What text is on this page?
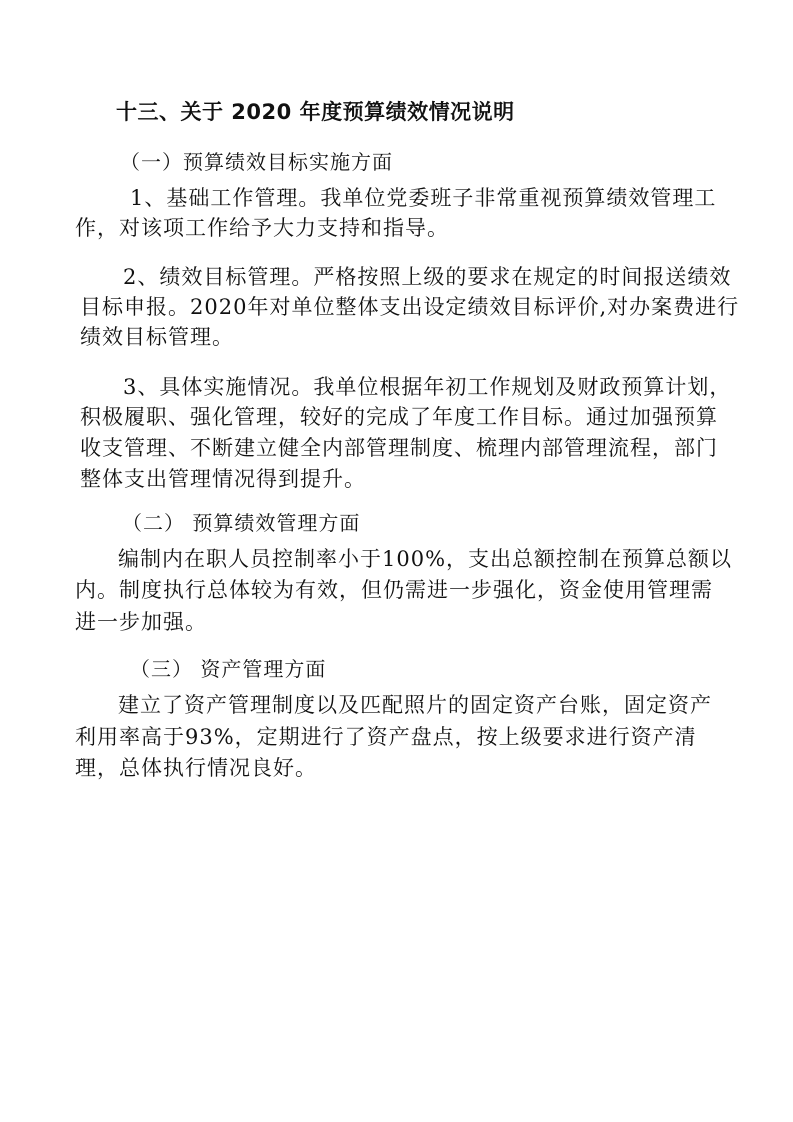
十三、关于 2020 年度预算绩效情况说明

（一）预算绩效目标实施方面

1、基础工作管理。我单位党委班子非常重视预算绩效管理工

作，对该项工作给予大力支持和指导。

2、绩效目标管理。严格按照上级的要求在规定的时间报送绩效

目标申报。2020年对单位整体支出设定绩效目标评价,对办案费进行

绩效目标管理。

3、具体实施情况。我单位根据年初工作规划及财政预算计划，

积极履职、强化管理，较好的完成了年度工作目标。通过加强预算

收支管理、不断建立健全内部管理制度、梳理内部管理流程，部门

整体支出管理情况得到提升。

（二） 预算绩效管理方面

编制内在职人员控制率小于100%，支出总额控制在预算总额以

内。制度执行总体较为有效，但仍需进一步强化，资金使用管理需

进一步加强。

（三） 资产管理方面

建立了资产管理制度以及匹配照片的固定资产台账，固定资产

利用率高于93%，定期进行了资产盘点，按上级要求进行资产清

理，总体执行情况良好。
